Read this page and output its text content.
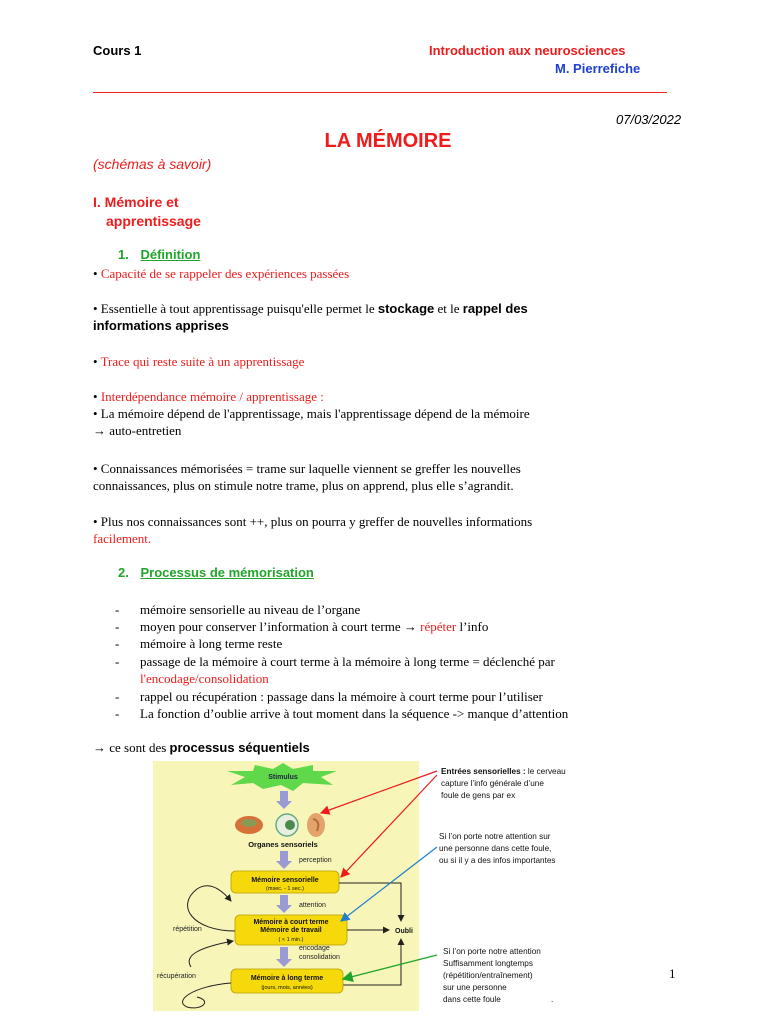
Cours 1	Introduction aux neurosciences
M. Pierrefiche
07/03/2022
LA MÉMOIRE
(schémas à savoir)
I. Mémoire et
apprentissage
1. Définition
• Capacité de se rappeler des expériences passées
• Essentielle à tout apprentissage puisqu'elle permet le stockage et le rappel des
informations apprises
• Trace qui reste suite à un apprentissage
• Interdépendance mémoire / apprentissage :
• La mémoire dépend de l'apprentissage, mais l'apprentissage dépend de la mémoire
→ auto-entretien
• Connaissances mémorisées = trame sur laquelle viennent se greffer les nouvelles
connaissances, plus on stimule notre trame, plus on apprend, plus elle s’agrandit.
• Plus nos connaissances sont ++, plus on pourra y greffer de nouvelles informations
facilement.
2. Processus de mémorisation
- mémoire sensorielle au niveau de l’organe
- moyen pour conserver l’information à court terme → répéter l’info
- mémoire à long terme reste
- passage de la mémoire à court terme à la mémoire à long terme = déclenché par
l'encodage/consolidation
- rappel ou récupération : passage dans la mémoire à court terme pour l’utiliser
- La fonction d’oublie arrive à tout moment dans la séquence -> manque d’attention
→ ce sont des processus séquentiels
Stimulus
Organes sensoriels
perception
Mémoire sensorielle
(msec. - 1 sec.)
attention
Mémoire à court terme
Mémoire de travail
( < 1 min.)
répétition	Oubli
encodage
consolidation
Mémoire à long terme
(jours, mois, années)
récupération
Entrées sensorielles : le cerveau
capture l’info générale d’une
foule de gens par ex
Si l’on porte notre attention sur
une personne dans cette foule,
ou si il y a des infos importantes
Si l’on porte notre attention
Suffisamment longtemps
(répétition/entraînement)
sur une personne
dans cette foule	.
1
